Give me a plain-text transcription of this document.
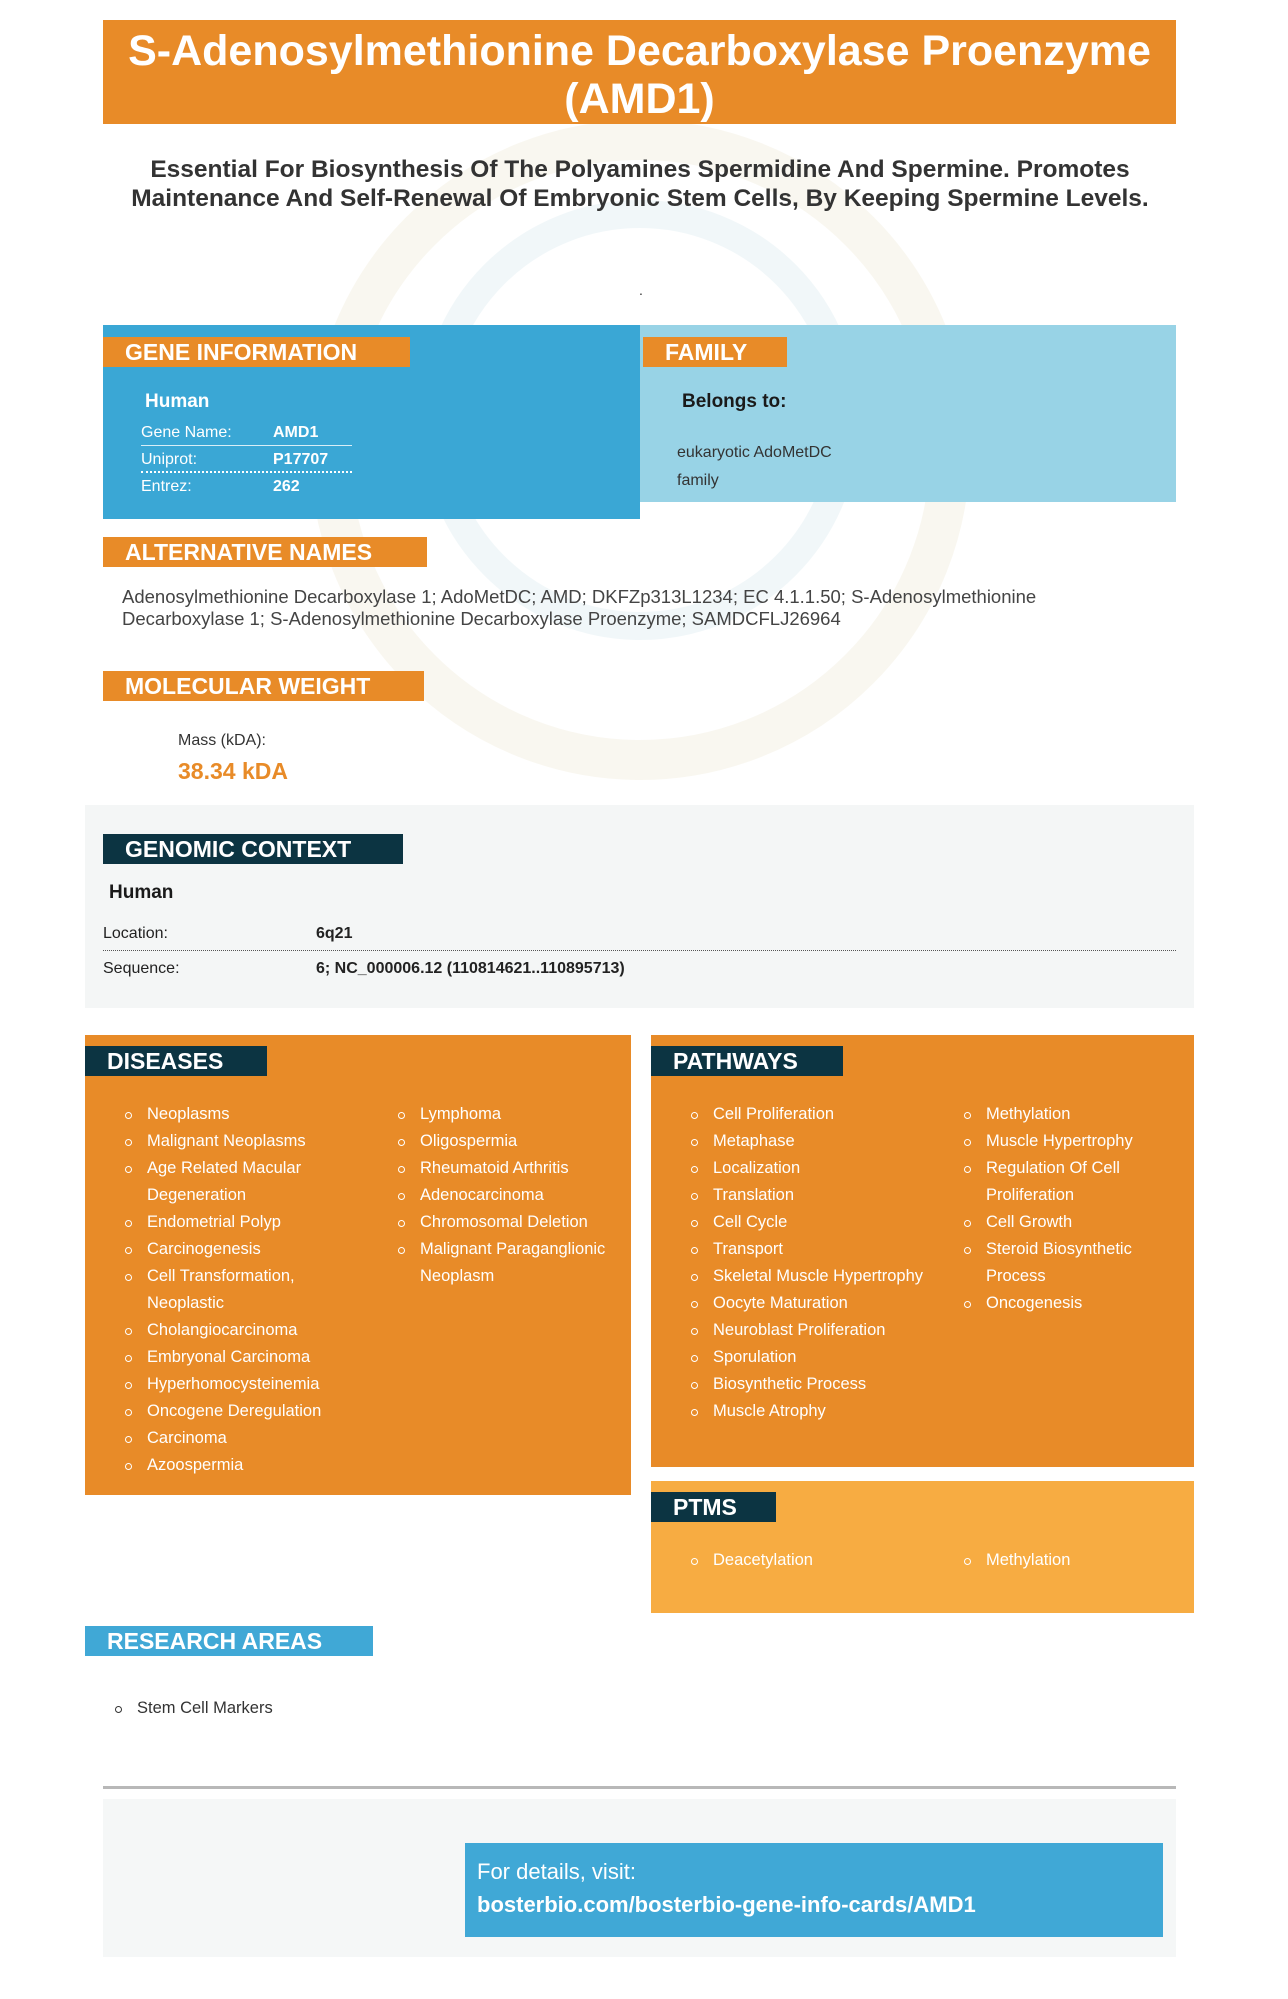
S-Adenosylmethionine Decarboxylase Proenzyme (AMD1)
Essential For Biosynthesis Of The Polyamines Spermidine And Spermine. Promotes Maintenance And Self-Renewal Of Embryonic Stem Cells, By Keeping Spermine Levels.
.
GENE INFORMATION
Human
Gene Name:	AMD1
Uniprot:	P17707
Entrez:	262
FAMILY
Belongs to:
eukaryotic AdoMetDC family
ALTERNATIVE NAMES
Adenosylmethionine Decarboxylase 1; AdoMetDC; AMD; DKFZp313L1234; EC 4.1.1.50; S-Adenosylmethionine Decarboxylase 1; S-Adenosylmethionine Decarboxylase Proenzyme; SAMDCFLJ26964
MOLECULAR WEIGHT
Mass (kDA):
38.34 kDA
GENOMIC CONTEXT
Human
Location:	6q21
Sequence:	6; NC_000006.12 (110814621..110895713)
DISEASES
Neoplasms
Malignant Neoplasms
Age Related Macular Degeneration
Endometrial Polyp
Carcinogenesis
Cell Transformation, Neoplastic
Cholangiocarcinoma
Embryonal Carcinoma
Hyperhomocysteinemia
Oncogene Deregulation
Carcinoma
Azoospermia
Lymphoma
Oligospermia
Rheumatoid Arthritis
Adenocarcinoma
Chromosomal Deletion
Malignant Paraganglionic Neoplasm
PATHWAYS
Cell Proliferation
Metaphase
Localization
Translation
Cell Cycle
Transport
Skeletal Muscle Hypertrophy
Oocyte Maturation
Neuroblast Proliferation
Sporulation
Biosynthetic Process
Muscle Atrophy
Methylation
Muscle Hypertrophy
Regulation Of Cell Proliferation
Cell Growth
Steroid Biosynthetic Process
Oncogenesis
PTMS
Deacetylation	Methylation
RESEARCH AREAS
Stem Cell Markers
For details, visit:
bosterbio.com/bosterbio-gene-info-cards/AMD1
